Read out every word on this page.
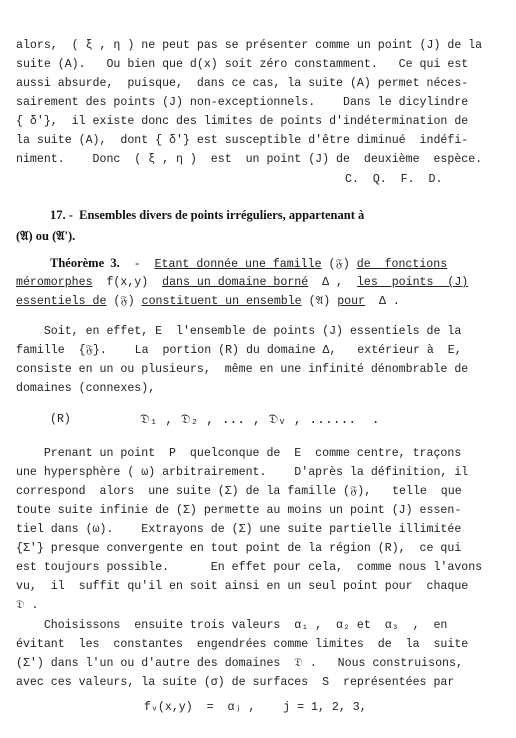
alors,  ( ξ , η ) ne peut pas se présenter comme un point (J) de la
suite (A).   Ou bien que d(x) soit zéro constamment.   Ce qui est
aussi absurde,  puisque,  dans ce cas, la suite (A) permet néces-
sairement des points (J) non-exceptionnels.    Dans le dicylindre
{ δ'},  il existe donc des limites de points d'indétermination de
la suite (A),  dont { δ'} est susceptible d'être diminué  indéfi-
niment.    Donc  ( ξ , η )  est  un point (J) de  deuxième  espèce.
C.  Q.  F.  D.
17. -  Ensembles divers de points irréguliers, appartenant à
(𝔄) ou (𝔄').
Théorème  3.  -  Etant donnée une famille (𝔉) de  fonctions
méromorphes  f(x,y)  dans un domaine borné  Δ ,  les  points  (J)
essentiels de (𝔉) constituent un ensemble (𝔄) pour  Δ .
Soit, en effet, E  l'ensemble de points (J) essentiels de la
famille  {𝔉}.    La  portion (R) du domaine Δ,   extérieur à  E,
consiste en un ou plusieurs,  même en une infinité dénombrable de
domaines (connexes),
(R)	𝔇₁ , 𝔇₂ , ... , 𝔇ᵥ , ......  .
Prenant un point  P  quelconque de  E  comme centre, traçons
une hypersphère ( ω) arbitrairement.    D'après la définition, il
correspond  alors  une suite (Σ) de la famille (𝔉),   telle  que
toute suite infinie de (Σ) permette au moins un point (J) essen-
tiel dans (ω).    Extrayons de (Σ) une suite partielle illimitée
{Σ'} presque convergente en tout point de la région (R),  ce qui
est toujours possible.      En effet pour cela,  comme nous l'avons
vu,  il  suffit qu'il en soit ainsi en un seul point pour  chaque
𝔇 .
Choisissons  ensuite trois valeurs  α₁ ,  α₂ et  α₃  ,  en
évitant  les  constantes  engendrées comme limites  de  la  suite
(Σ') dans l'un ou d'autre des domaines  𝔇 .   Nous construisons,
avec ces valeurs, la suite (σ) de surfaces  S  représentées par
fᵥ(x,y)  =  αⱼ ,    j = 1, 2, 3,
